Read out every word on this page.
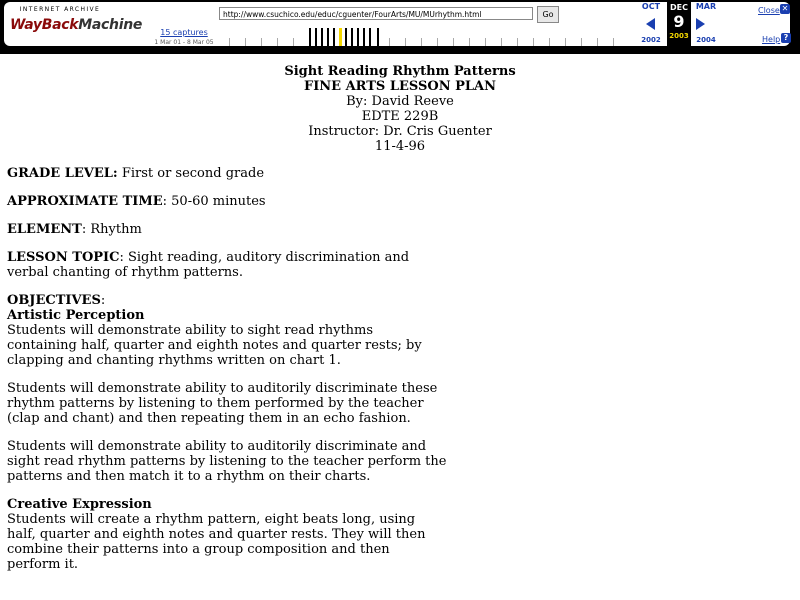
INTERNET ARCHIVE
WayBackMachine	15 captures
1 Mar 01 - 8 Mar 05
http://www.csuchico.edu/educ/cguenter/FourArts/MU/MUrhythm.html	Go
OCT
2002
DEC
9
2003
MAR
2004
Close ✕
Help ?
Sight Reading Rhythm Patterns
FINE ARTS LESSON PLAN
By: David Reeve
EDTE 229B
Instructor: Dr. Cris Guenter
11-4-96

GRADE LEVEL: First or second grade

APPROXIMATE TIME: 50-60 minutes

ELEMENT: Rhythm

LESSON TOPIC: Sight reading, auditory discrimination and verbal chanting of rhythm patterns.

OBJECTIVES:
Artistic Perception
Students will demonstrate ability to sight read rhythms containing half, quarter and eighth notes and quarter rests; by clapping and chanting rhythms written on chart 1.

Students will demonstrate ability to auditorily discriminate these rhythm patterns by listening to them performed by the teacher (clap and chant) and then repeating them in an echo fashion.

Students will demonstrate ability to auditorily discriminate and sight read rhythm patterns by listening to the teacher perform the patterns and then match it to a rhythm on their charts.

Creative Expression
Students will create a rhythm pattern, eight beats long, using half, quarter and eighth notes and quarter rests. They will then combine their patterns into a group composition and then perform it.
